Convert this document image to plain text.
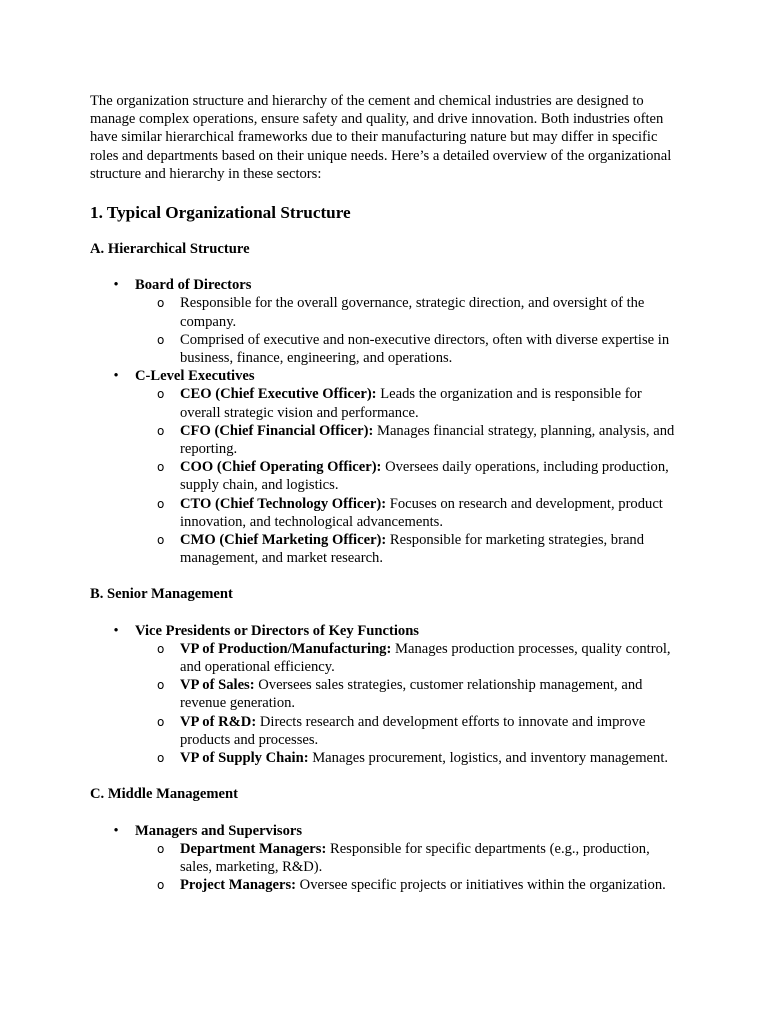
The organization structure and hierarchy of the cement and chemical industries are designed to manage complex operations, ensure safety and quality, and drive innovation. Both industries often have similar hierarchical frameworks due to their manufacturing nature but may differ in specific roles and departments based on their unique needs. Here’s a detailed overview of the organizational structure and hierarchy in these sectors:

1. Typical Organizational Structure
A. Hierarchical Structure
• Board of Directors
o Responsible for the overall governance, strategic direction, and oversight of the company.
o Comprised of executive and non-executive directors, often with diverse expertise in business, finance, engineering, and operations.
• C-Level Executives
o CEO (Chief Executive Officer): Leads the organization and is responsible for overall strategic vision and performance.
o CFO (Chief Financial Officer): Manages financial strategy, planning, analysis, and reporting.
o COO (Chief Operating Officer): Oversees daily operations, including production, supply chain, and logistics.
o CTO (Chief Technology Officer): Focuses on research and development, product innovation, and technological advancements.
o CMO (Chief Marketing Officer): Responsible for marketing strategies, brand management, and market research.
B. Senior Management
• Vice Presidents or Directors of Key Functions
o VP of Production/Manufacturing: Manages production processes, quality control, and operational efficiency.
o VP of Sales: Oversees sales strategies, customer relationship management, and revenue generation.
o VP of R&D: Directs research and development efforts to innovate and improve products and processes.
o VP of Supply Chain: Manages procurement, logistics, and inventory management.
C. Middle Management
• Managers and Supervisors
o Department Managers: Responsible for specific departments (e.g., production, sales, marketing, R&D).
o Project Managers: Oversee specific projects or initiatives within the organization.
